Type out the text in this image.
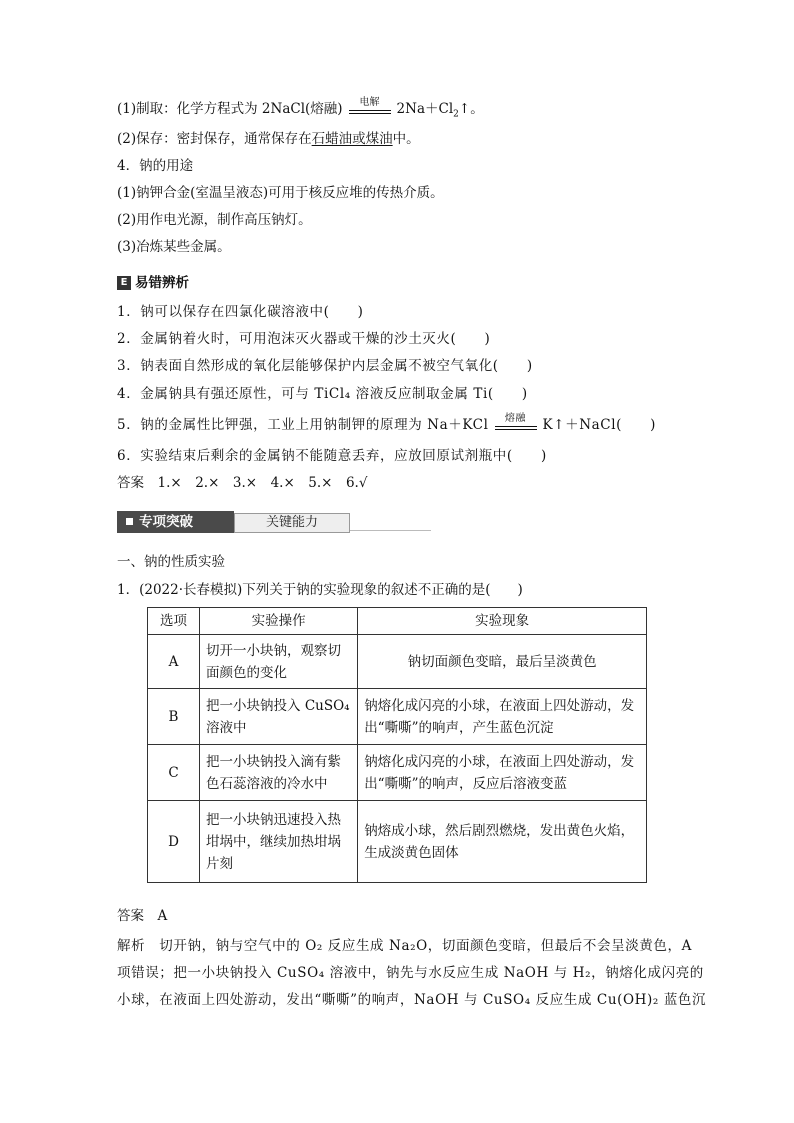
(1)制取：化学方程式为 2NaCl(熔融)	电解	$2Na+Cl_2↑$。
(2)保存：密封保存，通常保存在石蜡油或煤油中。
4．钠的用途
(1)钠钾合金(室温呈液态)可用于核反应堆的传热介质。
(2)用作电光源，制作高压钠灯。
(3)冶炼某些金属。
E 易错辨析
1．钠可以保存在四氯化碳溶液中(　　)
2．金属钠着火时，可用泡沫灭火器或干燥的沙土灭火(　　)
3．钠表面自然形成的氧化层能够保护内层金属不被空气氧化(　　)
4．金属钠具有强还原性，可与 TiCl₄ 溶液反应制取金属 Ti(　　)
5．钠的金属性比钾强，工业上用钠制钾的原理为 Na＋KCl	熔融	K↑＋NaCl(　　)
6．实验结束后剩余的金属钠不能随意丢弃，应放回原试剂瓶中(　　)
答案　1.×　2.×　3.×　4.×　5.×　6.√
专项突破	关键能力
一、钠的性质实验
1．(2022·长春模拟)下列关于钠的实验现象的叙述不正确的是(　　)
选项	实验操作	实验现象
A	切开一小块钠，观察切面颜色的变化	钠切面颜色变暗，最后呈淡黄色
B	把一小块钠投入 CuSO₄ 溶液中	钠熔化成闪亮的小球，在液面上四处游动，发出“嘶嘶”的响声，产生蓝色沉淀
C	把一小块钠投入滴有紫色石蕊溶液的冷水中	钠熔化成闪亮的小球，在液面上四处游动，发出“嘶嘶”的响声，反应后溶液变蓝
D	把一小块钠迅速投入热坩埚中，继续加热坩埚片刻	钠熔成小球，然后剧烈燃烧，发出黄色火焰，生成淡黄色固体
答案　A
解析　切开钠，钠与空气中的 O₂ 反应生成 Na₂O，切面颜色变暗，但最后不会呈淡黄色，A
项错误；把一小块钠投入 CuSO₄ 溶液中，钠先与水反应生成 NaOH 与 H₂，钠熔化成闪亮的
小球，在液面上四处游动，发出“嘶嘶”的响声，NaOH 与 CuSO₄ 反应生成 Cu(OH)₂ 蓝色沉
